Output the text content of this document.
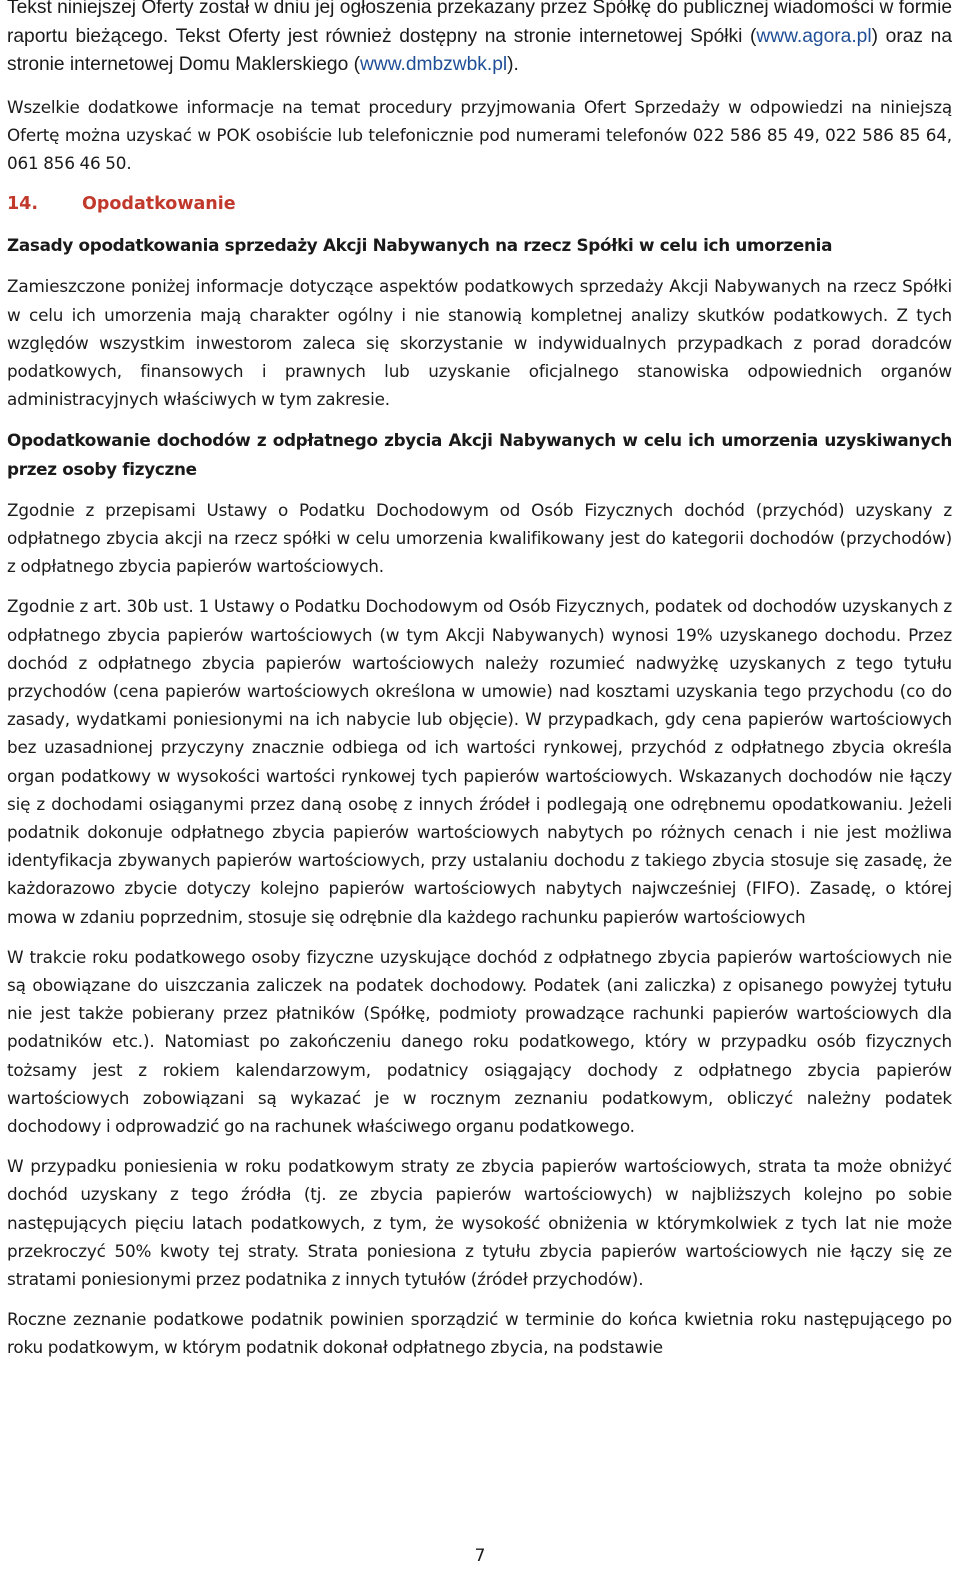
Tekst niniejszej Oferty został w dniu jej ogłoszenia przekazany przez Spółkę do publicznej wiadomości w formie raportu bieżącego. Tekst Oferty jest również dostępny na stronie internetowej Spółki (www.agora.pl) oraz na stronie internetowej Domu Maklerskiego (www.dmbzwbk.pl).

Wszelkie dodatkowe informacje na temat procedury przyjmowania Ofert Sprzedaży w odpowiedzi na niniejszą Ofertę można uzyskać w POK osobiście lub telefonicznie pod numerami telefonów 022 586 85 49, 022 586 85 64, 061 856 46 50.

14.	Opodatkowanie
Zasady opodatkowania sprzedaży Akcji Nabywanych na rzecz Spółki w celu ich umorzenia

Zamieszczone poniżej informacje dotyczące aspektów podatkowych sprzedaży Akcji Nabywanych na rzecz Spółki w celu ich umorzenia mają charakter ogólny i nie stanowią kompletnej analizy skutków podatkowych. Z tych względów wszystkim inwestorom zaleca się skorzystanie w indywidualnych przypadkach z porad doradców podatkowych, finansowych i prawnych lub uzyskanie oficjalnego stanowiska odpowiednich organów administracyjnych właściwych w tym zakresie.

Opodatkowanie dochodów z odpłatnego zbycia Akcji Nabywanych w celu ich umorzenia uzyskiwanych przez osoby fizyczne

Zgodnie z przepisami Ustawy o Podatku Dochodowym od Osób Fizycznych dochód (przychód) uzyskany z odpłatnego zbycia akcji na rzecz spółki w celu umorzenia kwalifikowany jest do kategorii dochodów (przychodów) z odpłatnego zbycia papierów wartościowych.

Zgodnie z art. 30b ust. 1 Ustawy o Podatku Dochodowym od Osób Fizycznych, podatek od dochodów uzyskanych z odpłatnego zbycia papierów wartościowych (w tym Akcji Nabywanych) wynosi 19% uzyskanego dochodu. Przez dochód z odpłatnego zbycia papierów wartościowych należy rozumieć nadwyżkę uzyskanych z tego tytułu przychodów (cena papierów wartościowych określona w umowie) nad kosztami uzyskania tego przychodu (co do zasady, wydatkami poniesionymi na ich nabycie lub objęcie). W przypadkach, gdy cena papierów wartościowych bez uzasadnionej przyczyny znacznie odbiega od ich wartości rynkowej, przychód z odpłatnego zbycia określa organ podatkowy w wysokości wartości rynkowej tych papierów wartościowych. Wskazanych dochodów nie łączy się z dochodami osiąganymi przez daną osobę z innych źródeł i podlegają one odrębnemu opodatkowaniu. Jeżeli podatnik dokonuje odpłatnego zbycia papierów wartościowych nabytych po różnych cenach i nie jest możliwa identyfikacja zbywanych papierów wartościowych, przy ustalaniu dochodu z takiego zbycia stosuje się zasadę, że każdorazowo zbycie dotyczy kolejno papierów wartościowych nabytych najwcześniej (FIFO). Zasadę, o której mowa w zdaniu poprzednim, stosuje się odrębnie dla każdego rachunku papierów wartościowych

W trakcie roku podatkowego osoby fizyczne uzyskujące dochód z odpłatnego zbycia papierów wartościowych nie są obowiązane do uiszczania zaliczek na podatek dochodowy. Podatek (ani zaliczka) z opisanego powyżej tytułu nie jest także pobierany przez płatników (Spółkę, podmioty prowadzące rachunki papierów wartościowych dla podatników etc.). Natomiast po zakończeniu danego roku podatkowego, który w przypadku osób fizycznych tożsamy jest z rokiem kalendarzowym, podatnicy osiągający dochody z odpłatnego zbycia papierów wartościowych zobowiązani są wykazać je w rocznym zeznaniu podatkowym, obliczyć należny podatek dochodowy i odprowadzić go na rachunek właściwego organu podatkowego.

W przypadku poniesienia w roku podatkowym straty ze zbycia papierów wartościowych, strata ta może obniżyć dochód uzyskany z tego źródła (tj. ze zbycia papierów wartościowych) w najbliższych kolejno po sobie następujących pięciu latach podatkowych, z tym, że wysokość obniżenia w którymkolwiek z tych lat nie może przekroczyć 50% kwoty tej straty. Strata poniesiona z tytułu zbycia papierów wartościowych nie łączy się ze stratami poniesionymi przez podatnika z innych tytułów (źródeł przychodów).

Roczne zeznanie podatkowe podatnik powinien sporządzić w terminie do końca kwietnia roku następującego po roku podatkowym, w którym podatnik dokonał odpłatnego zbycia, na podstawie

7
